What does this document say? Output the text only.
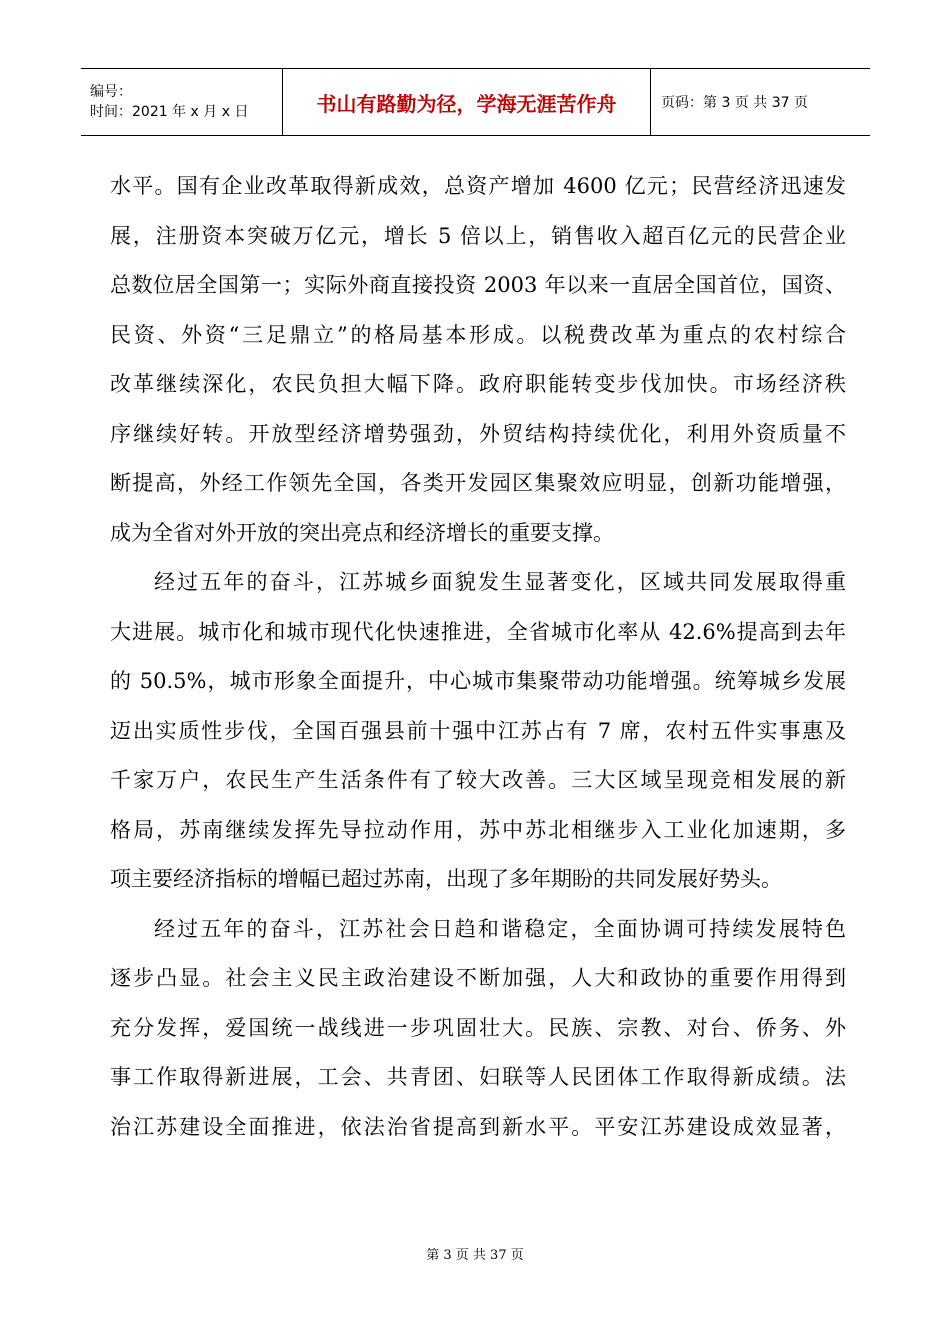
编号：
时间：2021 年 x 月 x 日	书山有路勤为径，学海无涯苦作舟	页码：第 3 页 共 37 页
水平。国有企业改革取得新成效，总资产增加 4600 亿元；民营经济迅速发
展，注册资本突破万亿元，增长 5 倍以上，销售收入超百亿元的民营企业
总数位居全国第一；实际外商直接投资 2003 年以来一直居全国首位，国资、
民资、外资“三足鼎立”的格局基本形成。以税费改革为重点的农村综合
改革继续深化，农民负担大幅下降。政府职能转变步伐加快。市场经济秩
序继续好转。开放型经济增势强劲，外贸结构持续优化，利用外资质量不
断提高，外经工作领先全国，各类开发园区集聚效应明显，创新功能增强，
成为全省对外开放的突出亮点和经济增长的重要支撑。
经过五年的奋斗，江苏城乡面貌发生显著变化，区域共同发展取得重
大进展。城市化和城市现代化快速推进，全省城市化率从 42.6%提高到去年
的 50.5%，城市形象全面提升，中心城市集聚带动功能增强。统筹城乡发展
迈出实质性步伐，全国百强县前十强中江苏占有 7 席，农村五件实事惠及
千家万户，农民生产生活条件有了较大改善。三大区域呈现竞相发展的新
格局，苏南继续发挥先导拉动作用，苏中苏北相继步入工业化加速期，多
项主要经济指标的增幅已超过苏南，出现了多年期盼的共同发展好势头。
经过五年的奋斗，江苏社会日趋和谐稳定，全面协调可持续发展特色
逐步凸显。社会主义民主政治建设不断加强，人大和政协的重要作用得到
充分发挥，爱国统一战线进一步巩固壮大。民族、宗教、对台、侨务、外
事工作取得新进展，工会、共青团、妇联等人民团体工作取得新成绩。法
治江苏建设全面推进，依法治省提高到新水平。平安江苏建设成效显著，
第 3 页 共 37 页
